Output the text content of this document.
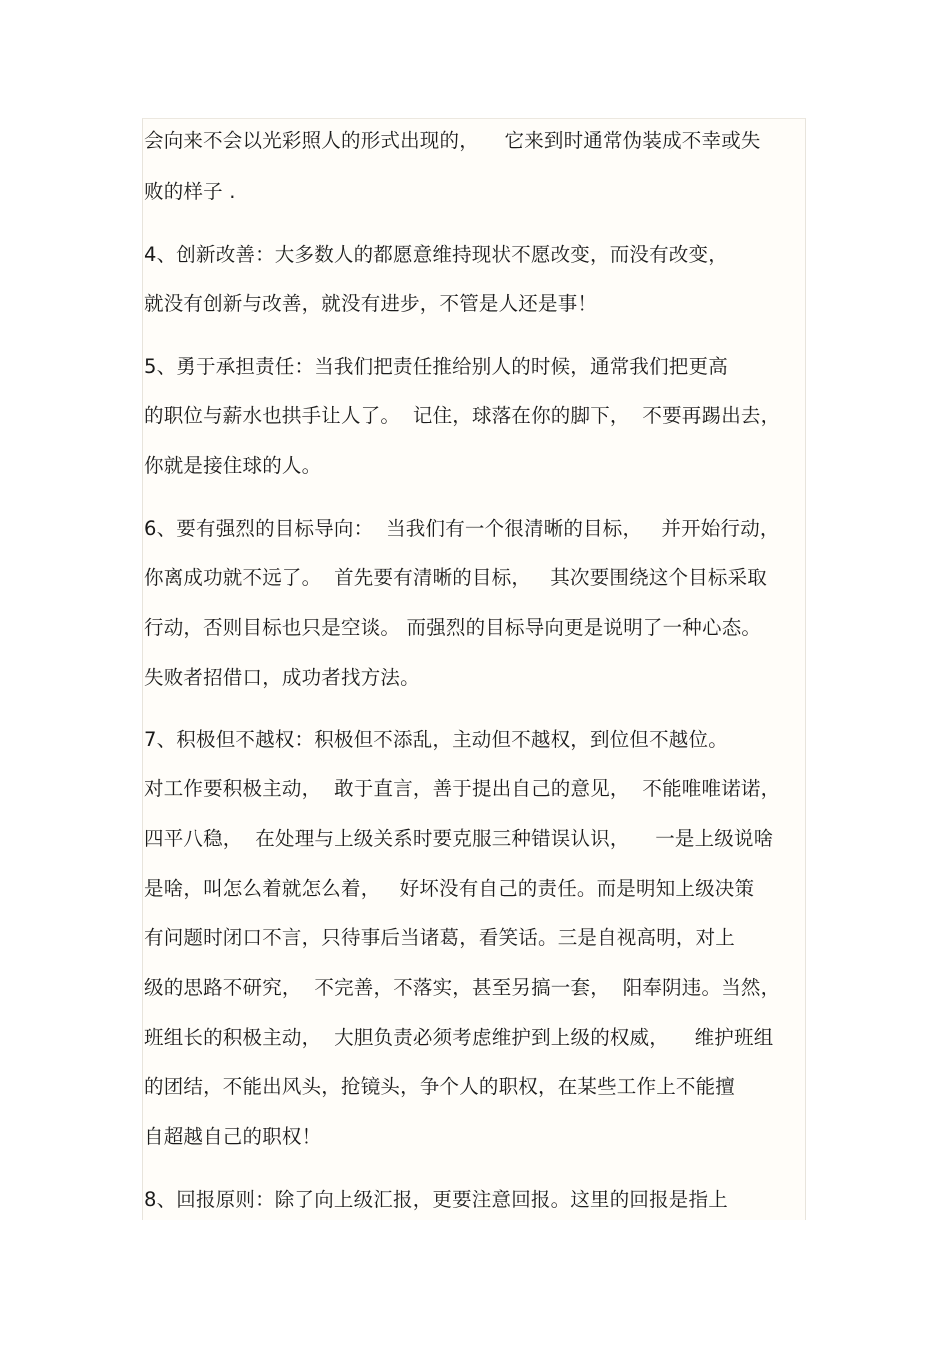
会向来不会以光彩照人的形式出现的，    它来到时通常伪装成不幸或失
败的样子 .
4、创新改善：大多数人的都愿意维持现状不愿改变，而没有改变，
就没有创新与改善，就没有进步，不管是人还是事！
5、勇于承担责任：当我们把责任推给别人的时候，通常我们把更高
的职位与薪水也拱手让人了。  记住，球落在你的脚下，  不要再踢出去，
你就是接住球的人。
6、要有强烈的目标导向：  当我们有一个很清晰的目标，   并开始行动，
你离成功就不远了。  首先要有清晰的目标，   其次要围绕这个目标采取
行动，否则目标也只是空谈。 而强烈的目标导向更是说明了一种心态。
失败者招借口，成功者找方法。
7、积极但不越权：积极但不添乱，主动但不越权，到位但不越位。
对工作要积极主动，  敢于直言，善于提出自己的意见，  不能唯唯诺诺，
四平八稳，  在处理与上级关系时要克服三种错误认识，    一是上级说啥
是啥，叫怎么着就怎么着，   好坏没有自己的责任。而是明知上级决策
有问题时闭口不言，只待事后当诸葛，看笑话。三是自视高明，对上
级的思路不研究，  不完善，不落实，甚至另搞一套，  阳奉阴违。当然，
班组长的积极主动，  大胆负责必须考虑维护到上级的权威，    维护班组
的团结，不能出风头，抢镜头，争个人的职权，在某些工作上不能擅
自超越自己的职权！
8、回报原则：除了向上级汇报，更要注意回报。这里的回报是指上
